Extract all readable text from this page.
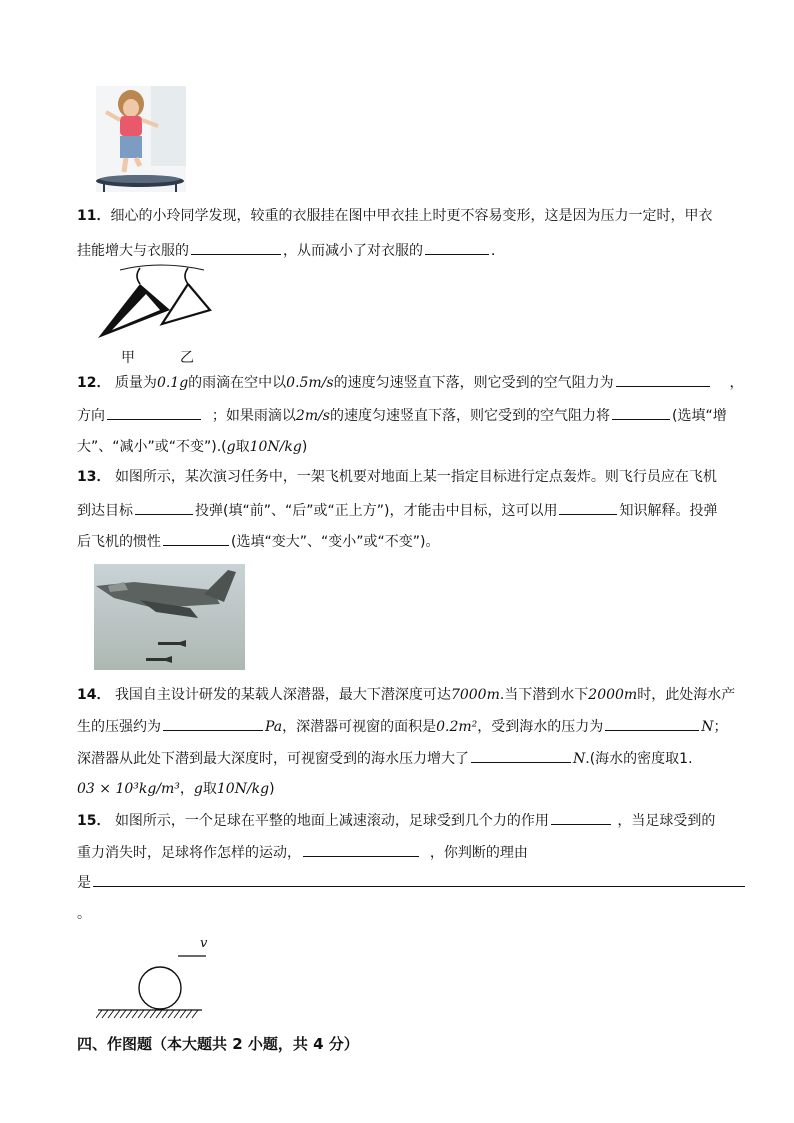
11．细心的小玲同学发现，较重的衣服挂在图中甲衣挂上时更不容易变形，这是因为压力一定时，甲衣
挂能增大与衣服的	，从而减小了对衣服的	．
甲	乙
12． 质量为0.1g的雨滴在空中以0.5m/s的速度匀速竖直下落，则它受到的空气阻力为	，
方向	；如果雨滴以2m/s的速度匀速竖直下落，则它受到的空气阻力将	(选填“增
大”、“减小”或“不变”).(g取10N/kg)
13． 如图所示，某次演习任务中，一架飞机要对地面上某一指定目标进行定点轰炸。则飞行员应在飞机
到达目标	投弹(填“前”、“后”或“正上方”)，才能击中目标，这可以用	知识解释。投弹
后飞机的惯性	(选填“变大”、“变小”或“不变”)。
14． 我国自主设计研发的某载人深潜器，最大下潜深度可达7000m.当下潜到水下2000m时，此处海水产
生的压强约为	Pa，深潜器可视窗的面积是0.2m²，受到海水的压力为	N；
深潜器从此处下潜到最大深度时，可视窗受到的海水压力增大了	N.(海水的密度取1.
03 × 10³kg/m³，g取10N/kg)
15． 如图所示，一个足球在平整的地面上减速滚动，足球受到几个力的作用	，当足球受到的
重力消失时，足球将作怎样的运动，	，你判断的理由
是
。
v
四、作图题（本大题共 2 小题，共 4 分）
